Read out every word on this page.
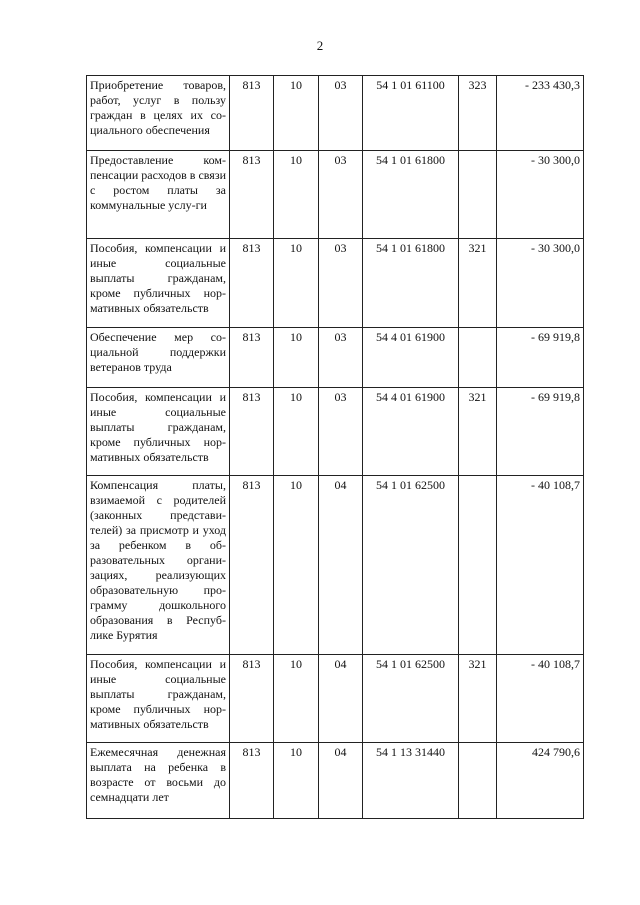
2
Приобретение товаров, работ, услуг в пользу граждан в целях их со-циального обеспечения	813	10	03	54 1 01 61100	323	- 233 430,3
Предоставление ком-пенсации расходов в связи с ростом платы за коммунальные услу-ги	813	10	03	54 1 01 61800		- 30 300,0
Пособия, компенсации и иные социальные выплаты гражданам, кроме публичных нор-мативных обязательств	813	10	03	54 1 01 61800	321	- 30 300,0
Обеспечение мер со-циальной поддержки ветеранов труда	813	10	03	54 4 01 61900		- 69 919,8
Пособия, компенсации и иные социальные выплаты гражданам, кроме публичных нор-мативных обязательств	813	10	03	54 4 01 61900	321	- 69 919,8
Компенсация платы, взимаемой с родителей (законных представи-телей) за присмотр и уход за ребенком в об-разовательных органи-зациях, реализующих образовательную про-грамму дошкольного образования в Респуб-лике Бурятия	813	10	04	54 1 01 62500		- 40 108,7
Пособия, компенсации и иные социальные выплаты гражданам, кроме публичных нор-мативных обязательств	813	10	04	54 1 01 62500	321	- 40 108,7
Ежемесячная денежная выплата на ребенка в возрасте от восьми до семнадцати лет	813	10	04	54 1 13 31440		424 790,6
